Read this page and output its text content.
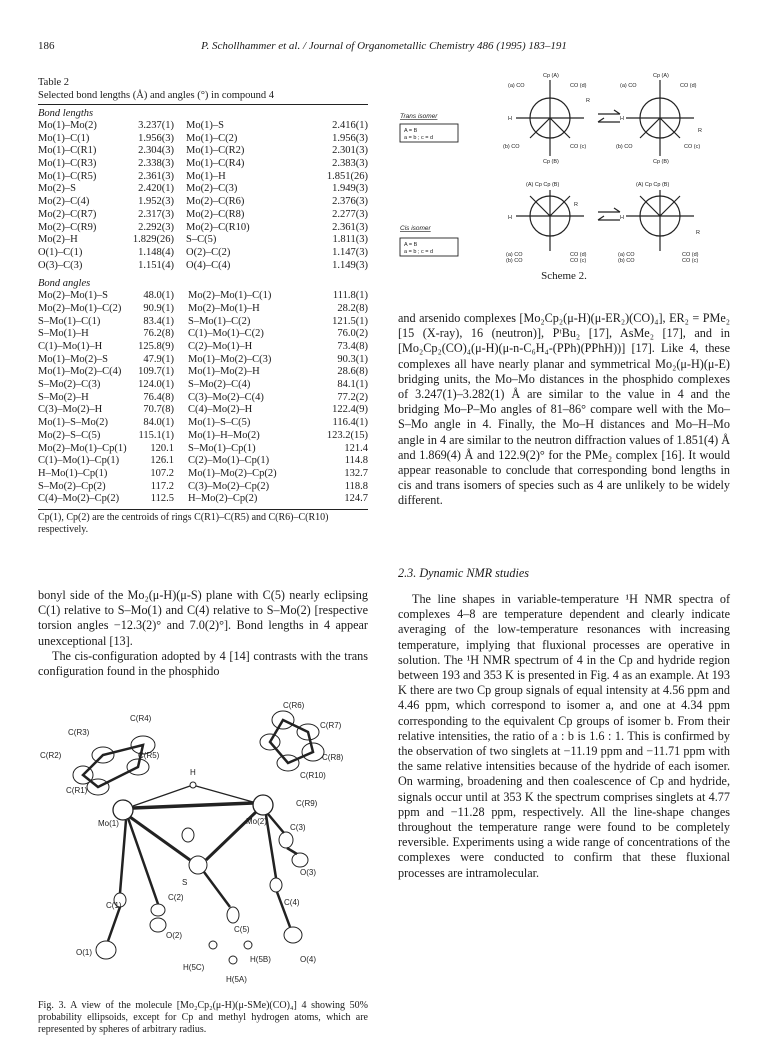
186	P. Schollhammer et al. / Journal of Organometallic Chemistry 486 (1995) 183–191
Table 2
Selected bond lengths (Å) and angles (°) in compound 4
Bond lengths
Mo(1)–Mo(2)	3.237(1)	Mo(1)–S	2.416(1)
Mo(1)–C(1)	1.956(3)	Mo(1)–C(2)	1.956(3)
Mo(1)–C(R1)	2.304(3)	Mo(1)–C(R2)	2.301(3)
Mo(1)–C(R3)	2.338(3)	Mo(1)–C(R4)	2.383(3)
Mo(1)–C(R5)	2.361(3)	Mo(1)–H	1.851(26)
Mo(2)–S	2.420(1)	Mo(2)–C(3)	1.949(3)
Mo(2)–C(4)	1.952(3)	Mo(2)–C(R6)	2.376(3)
Mo(2)–C(R7)	2.317(3)	Mo(2)–C(R8)	2.277(3)
Mo(2)–C(R9)	2.292(3)	Mo(2)–C(R10)	2.361(3)
Mo(2)–H	1.829(26)	S–C(5)	1.811(3)
O(1)–C(1)	1.148(4)	O(2)–C(2)	1.147(3)
O(3)–C(3)	1.151(4)	O(4)–C(4)	1.149(3)
Bond angles
Mo(2)–Mo(1)–S	48.0(1)	Mo(2)–Mo(1)–C(1)	111.8(1)
Mo(2)–Mo(1)–C(2)	90.9(1)	Mo(2)–Mo(1)–H	28.2(8)
S–Mo(1)–C(1)	83.4(1)	S–Mo(1)–C(2)	121.5(1)
S–Mo(1)–H	76.2(8)	C(1)–Mo(1)–C(2)	76.0(2)
C(1)–Mo(1)–H	125.8(9)	C(2)–Mo(1)–H	73.4(8)
Mo(1)–Mo(2)–S	47.9(1)	Mo(1)–Mo(2)–C(3)	90.3(1)
Mo(1)–Mo(2)–C(4)	109.7(1)	Mo(1)–Mo(2)–H	28.6(8)
S–Mo(2)–C(3)	124.0(1)	S–Mo(2)–C(4)	84.1(1)
S–Mo(2)–H	76.4(8)	C(3)–Mo(2)–C(4)	77.2(2)
C(3)–Mo(2)–H	70.7(8)	C(4)–Mo(2)–H	122.4(9)
Mo(1)–S–Mo(2)	84.0(1)	Mo(1)–S–C(5)	116.4(1)
Mo(2)–S–C(5)	115.1(1)	Mo(1)–H–Mo(2)	123.2(15)
Mo(2)–Mo(1)–Cp(1)	120.1	S–Mo(1)–Cp(1)	121.4
C(1)–Mo(1)–Cp(1)	126.1	C(2)–Mo(1)–Cp(1)	114.8
H–Mo(1)–Cp(1)	107.2	Mo(1)–Mo(2)–Cp(2)	132.7
S–Mo(2)–Cp(2)	117.2	C(3)–Mo(2)–Cp(2)	118.8
C(4)–Mo(2)–Cp(2)	112.5	H–Mo(2)–Cp(2)	124.7
Cp(1), Cp(2) are the centroids of rings C(R1)–C(R5) and C(R6)–C(R10) respectively.

bonyl side of the Mo₂(μ-H)(μ-S) plane with C(5) nearly eclipsing C(1) relative to S–Mo(1) and C(4) relative to S–Mo(2) [respective torsion angles −12.3(2)° and 7.0(2)°]. Bond lengths in 4 appear unexceptional [13].

The cis-configuration adopted by 4 [14] contrasts with the trans configuration found in the phosphido

C(R4)
C(R3)
C(R2)	C(R5)
C(R1)
Mo(1)
H
Mo(2)
C(R9)
C(R6)
C(R7)
C(R8)
C(R10)
C(3)
O(3)
C(2)
S
O(2)
C(1)
C(5)
C(4)
O(1)
H(5C)
H(5B)	O(4)
H(5A)
Fig. 3. A view of the molecule [Mo₂Cp₂(μ-H)(μ-SMe)(CO)₄] 4 showing 50% probability ellipsoids, except for Cp and methyl hydrogen atoms, which are represented by spheres of arbitrary radius.
Trans isomer
A = B
a = b ; c = d
Cis isomer
A = B
a = b ; c = d
Cp (A)
(a) CO	CO (d)
(b) CO	CO (c)
Cp (B)
H
R
Cp (A)
(a) CO	CO (d)
(b) CO	CO (c)
Cp (B)
H
R
(A) Cp Cp (B)
H
R
(a) CO
(b) CO
CO (d)
CO (c)
(A) Cp Cp (B)
H
R
(a) CO
(b) CO
CO (d)
CO (c)
Scheme 2.
and arsenido complexes [Mo₂Cp₂(μ-H)(μ-ER₂)(CO)₄], ER₂ = PMe₂ [15 (X-ray), 16 (neutron)], PᵗBu₂ [17], AsMe₂ [17], and in [Mo₂Cp₂(CO)₄(μ-H)(μ-n-C₆H₄-(PPh)(PPhH))] [17]. Like 4, these complexes all have nearly planar and symmetrical Mo₂(μ-H)(μ-E) bridging units, the Mo–Mo distances in the phosphido complexes of 3.247(1)–3.282(1) Å are similar to the value in 4 and the bridging Mo–P–Mo angles of 81–86° compare well with the Mo–S–Mo angle in 4. Finally, the Mo–H distances and Mo–H–Mo angle in 4 are similar to the neutron diffraction values of 1.851(4) Å and 1.869(4) Å and 122.9(2)° for the PMe₂ complex [16]. It would appear reasonable to conclude that corresponding bond lengths in cis and trans isomers of species such as 4 are unlikely to be widely different.
2.3. Dynamic NMR studies
The line shapes in variable-temperature ¹H NMR spectra of complexes 4–8 are temperature dependent and clearly indicate averaging of the low-temperature resonances with increasing temperature, implying that fluxional processes are operative in solution. The ¹H NMR spectrum of 4 in the Cp and hydride region between 193 and 353 K is presented in Fig. 4 as an example. At 193 K there are two Cp group signals of equal intensity at 4.56 ppm and 4.46 ppm, which correspond to isomer a, and one at 4.34 ppm corresponding to the equivalent Cp groups of isomer b. From their relative intensities, the ratio of a : b is 1.6 : 1. This is confirmed by the observation of two singlets at −11.19 ppm and −11.71 ppm with the same relative intensities because of the hydride of each isomer. On warming, broadening and then coalescence of Cp and hydride, signals occur until at 353 K the spectrum comprises singlets at 4.77 ppm and −11.28 ppm, respectively. All the line-shape changes throughout the temperature range were found to be completely reversible. Experiments using a wide range of concentrations of the complexes were conducted to confirm that these fluxional processes are intramolecular.
